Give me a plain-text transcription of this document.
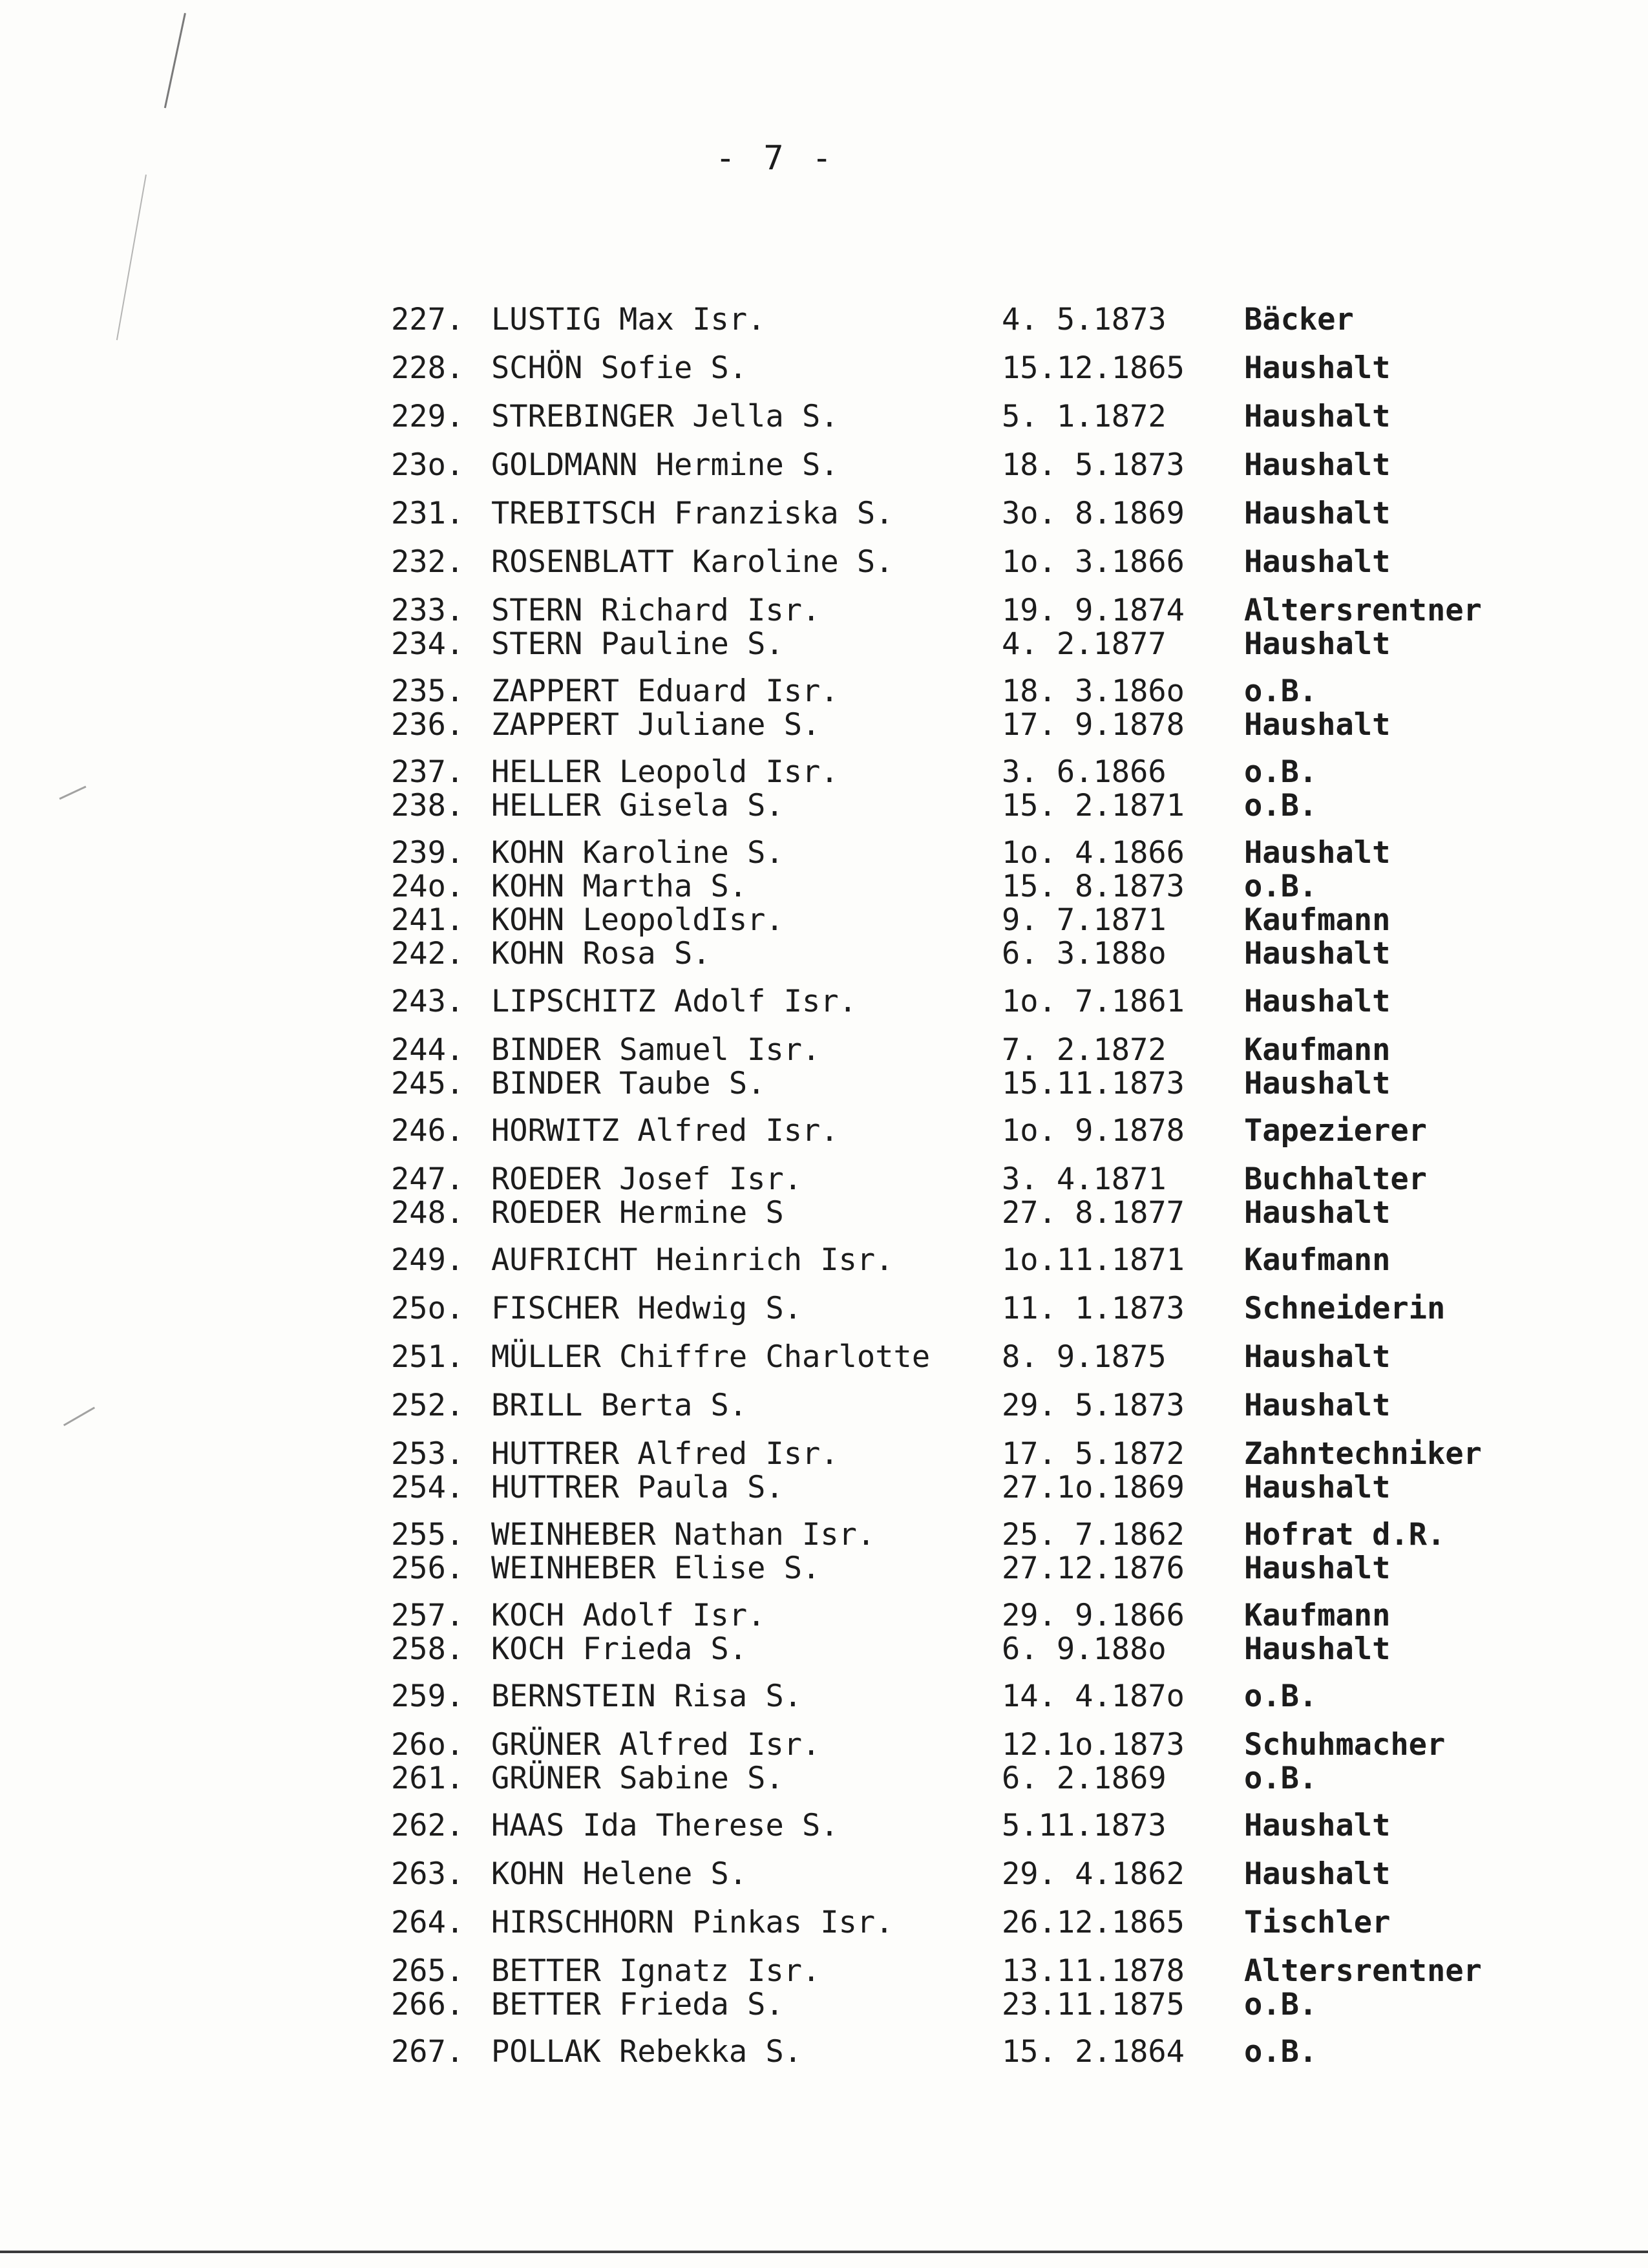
- 7 -
227. LUSTIG Max Isr.	4. 5.1873	Bäcker
228. SCHÖN Sofie S.	15.12.1865 Haushalt
229. STREBINGER Jella S.	5. 1.1872	Haushalt
23o. GOLDMANN Hermine S.	18. 5.1873 Haushalt
231. TREBITSCH Franziska S.	3o. 8.1869 Haushalt
232. ROSENBLATT Karoline S.	1o. 3.1866 Haushalt
233. STERN Richard Isr.	19. 9.1874 Altersrentner
234. STERN Pauline S.	4. 2.1877	Haushalt
235. ZAPPERT Eduard Isr.	18. 3.186o o.B.
236. ZAPPERT Juliane S.	17. 9.1878 Haushalt
237. HELLER Leopold Isr.	3. 6.1866	o.B.
238. HELLER Gisela S.	15. 2.1871 o.B.
239. KOHN Karoline S.	1o. 4.1866 Haushalt
24o. KOHN Martha S.	15. 8.1873 o.B.
241. KOHN LeopoldIsr.	9. 7.1871	Kaufmann
242. KOHN Rosa S.	6. 3.188o	Haushalt
243. LIPSCHITZ Adolf Isr.	1o. 7.1861 Haushalt
244. BINDER Samuel Isr.	7. 2.1872	Kaufmann
245. BINDER Taube S.	15.11.1873 Haushalt
246. HORWITZ Alfred Isr.	1o. 9.1878 Tapezierer
247. ROEDER Josef Isr.	3. 4.1871	Buchhalter
248. ROEDER Hermine S	27. 8.1877 Haushalt
249. AUFRICHT Heinrich Isr.	1o.11.1871 Kaufmann
25o. FISCHER Hedwig S.	11. 1.1873 Schneiderin
251. MÜLLER Chiffre Charlotte 8. 9.1875	Haushalt
252. BRILL Berta S.	29. 5.1873 Haushalt
253. HUTTRER Alfred Isr.	17. 5.1872 Zahntechniker
254. HUTTRER Paula S.	27.1o.1869 Haushalt
255. WEINHEBER Nathan Isr.	25. 7.1862 Hofrat d.R.
256. WEINHEBER Elise S.	27.12.1876 Haushalt
257. KOCH Adolf Isr.	29. 9.1866 Kaufmann
258. KOCH Frieda S.	6. 9.188o	Haushalt
259. BERNSTEIN Risa S.	14. 4.187o o.B.
26o. GRÜNER Alfred Isr.	12.1o.1873 Schuhmacher
261. GRÜNER Sabine S.	6. 2.1869	o.B.
262. HAAS Ida Therese S.	5.11.1873	Haushalt
263. KOHN Helene S.	29. 4.1862 Haushalt
264. HIRSCHHORN Pinkas Isr.	26.12.1865 Tischler
265. BETTER Ignatz Isr.	13.11.1878 Altersrentner
266. BETTER Frieda S.	23.11.1875 o.B.
267. POLLAK Rebekka S.	15. 2.1864 o.B.
